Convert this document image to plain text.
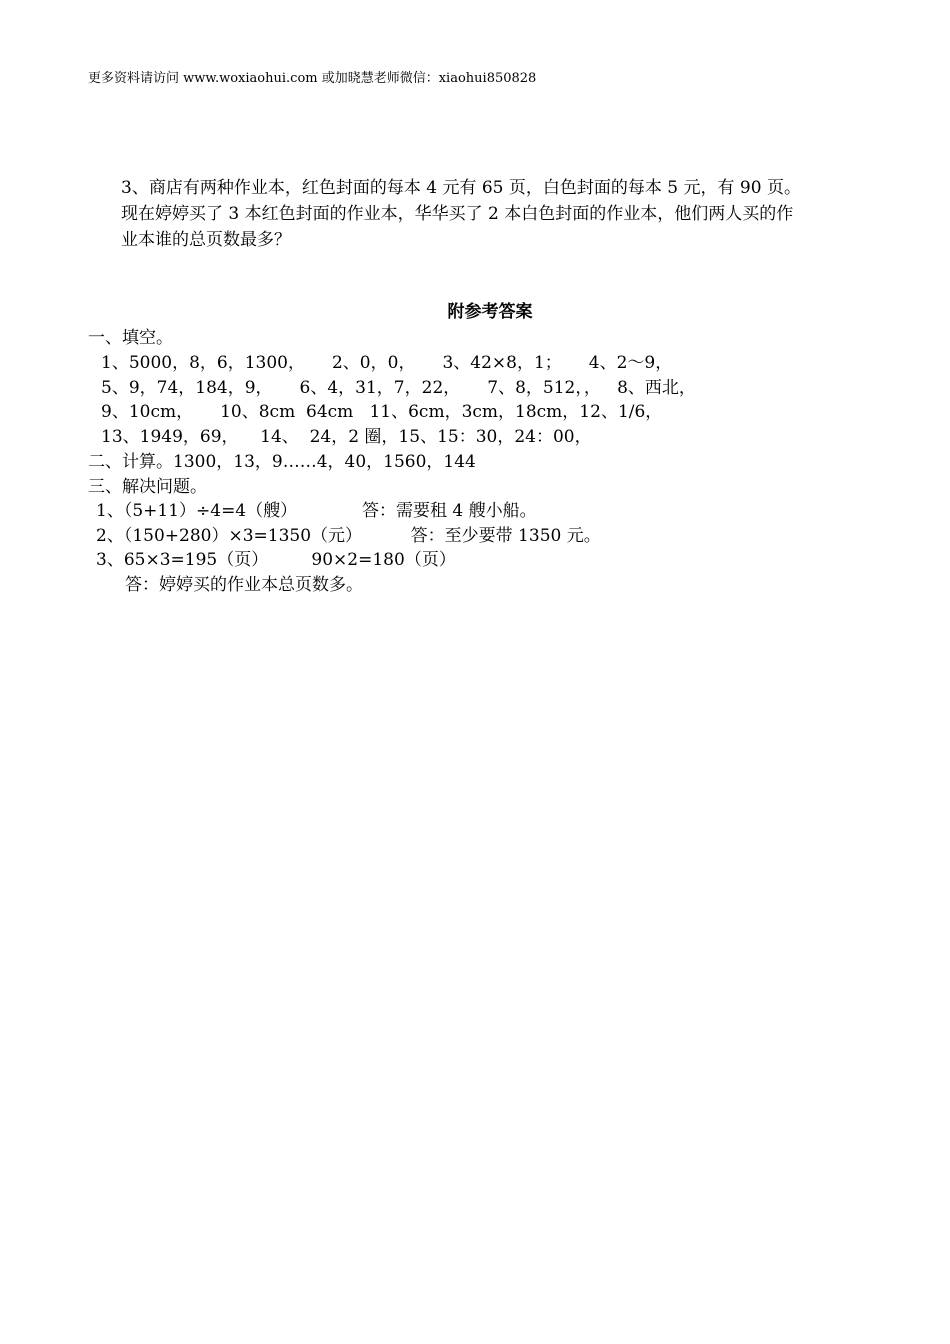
更多资料请访问 www.woxiaohui.com 或加晓慧老师微信：xiaohui850828

3、商店有两种作业本，红色封面的每本 4 元有 65 页，白色封面的每本 5 元，有 90 页。

现在婷婷买了 3 本红色封面的作业本，华华买了 2 本白色封面的作业本，他们两人买的作

业本谁的总页数最多？

附参考答案
一、填空。
1、5000，8，6，1300，     2、0，0，     3、42×8，1；     4、2～9，
5、9，74，184，9，     6、4，31，7，22，     7、8，512，，   8、西北，
9、10cm，     10、8cm  64cm   11、6cm，3cm，18cm，12、1/6，
13、1949，69，    14、  24，2 圈，15、15：30，24：00，
二、计算。1300，13，9……4，40，1560，144
三、解决问题。
1、（5+11）÷4=4（艘）            答：需要租 4 艘小船。
2、（150+280）×3=1350（元）         答：至少要带 1350 元。
3、65×3=195（页）        90×2=180（页）
答：婷婷买的作业本总页数多。
